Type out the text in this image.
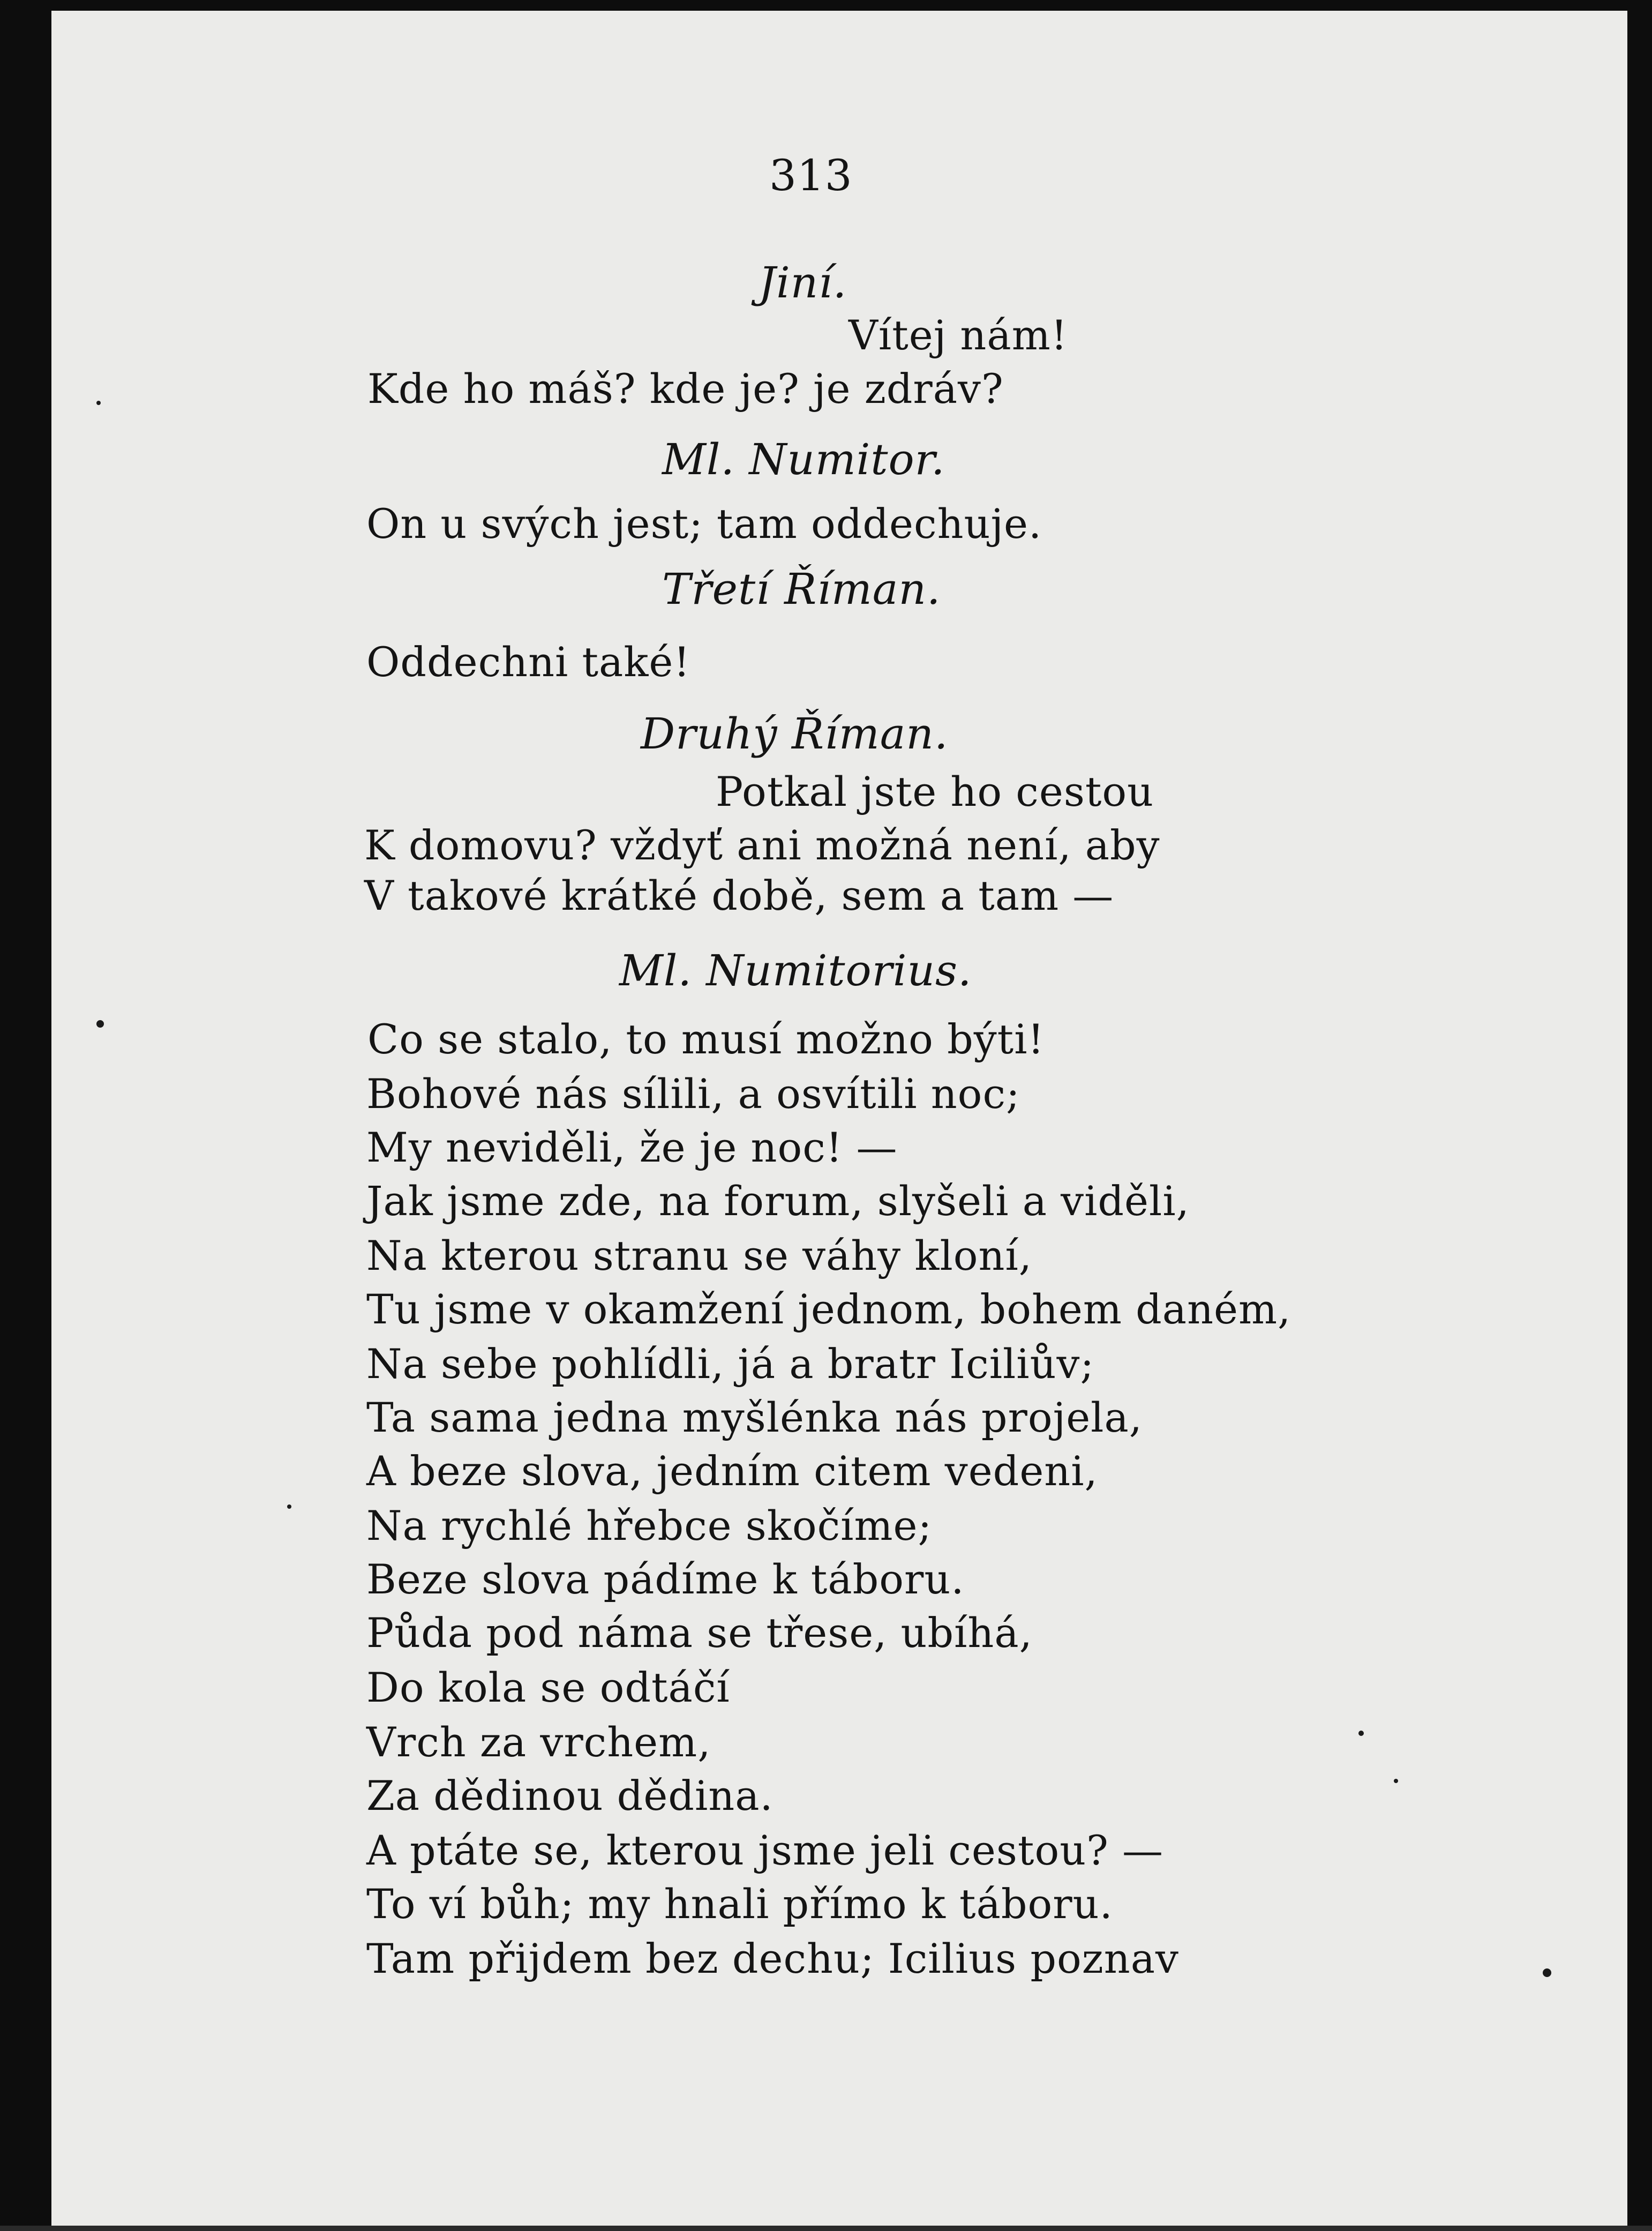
313
Jiní.
Vítej nám!
Kde ho máš? kde je? je zdráv?
Ml. Numitor.
On u svých jest; tam oddechuje.
Třetí Říman.
Oddechni také!
Druhý Říman.
Potkal jste ho cestou
K domovu? vždyť ani možná není, aby
V takové krátké době, sem a tam —
Ml. Numitorius.
Co se stalo, to musí možno býti!
Bohové nás sílili, a osvítili noc;
My neviděli, že je noc! —
Jak jsme zde, na forum, slyšeli a viděli,
Na kterou stranu se váhy kloní,
Tu jsme v okamžení jednom, bohem daném,
Na sebe pohlídli, já a bratr Iciliův;
Ta sama jedna myšlénka nás projela,
A beze slova, jedním citem vedeni,
Na rychlé hřebce skočíme;
Beze slova pádíme k táboru.
Půda pod náma se třese, ubíhá,
Do kola se odtáčí
Vrch za vrchem,
Za dědinou dědina.
A ptáte se, kterou jsme jeli cestou? —
To ví bůh; my hnali přímo k táboru.
Tam přijdem bez dechu; Icilius poznav
